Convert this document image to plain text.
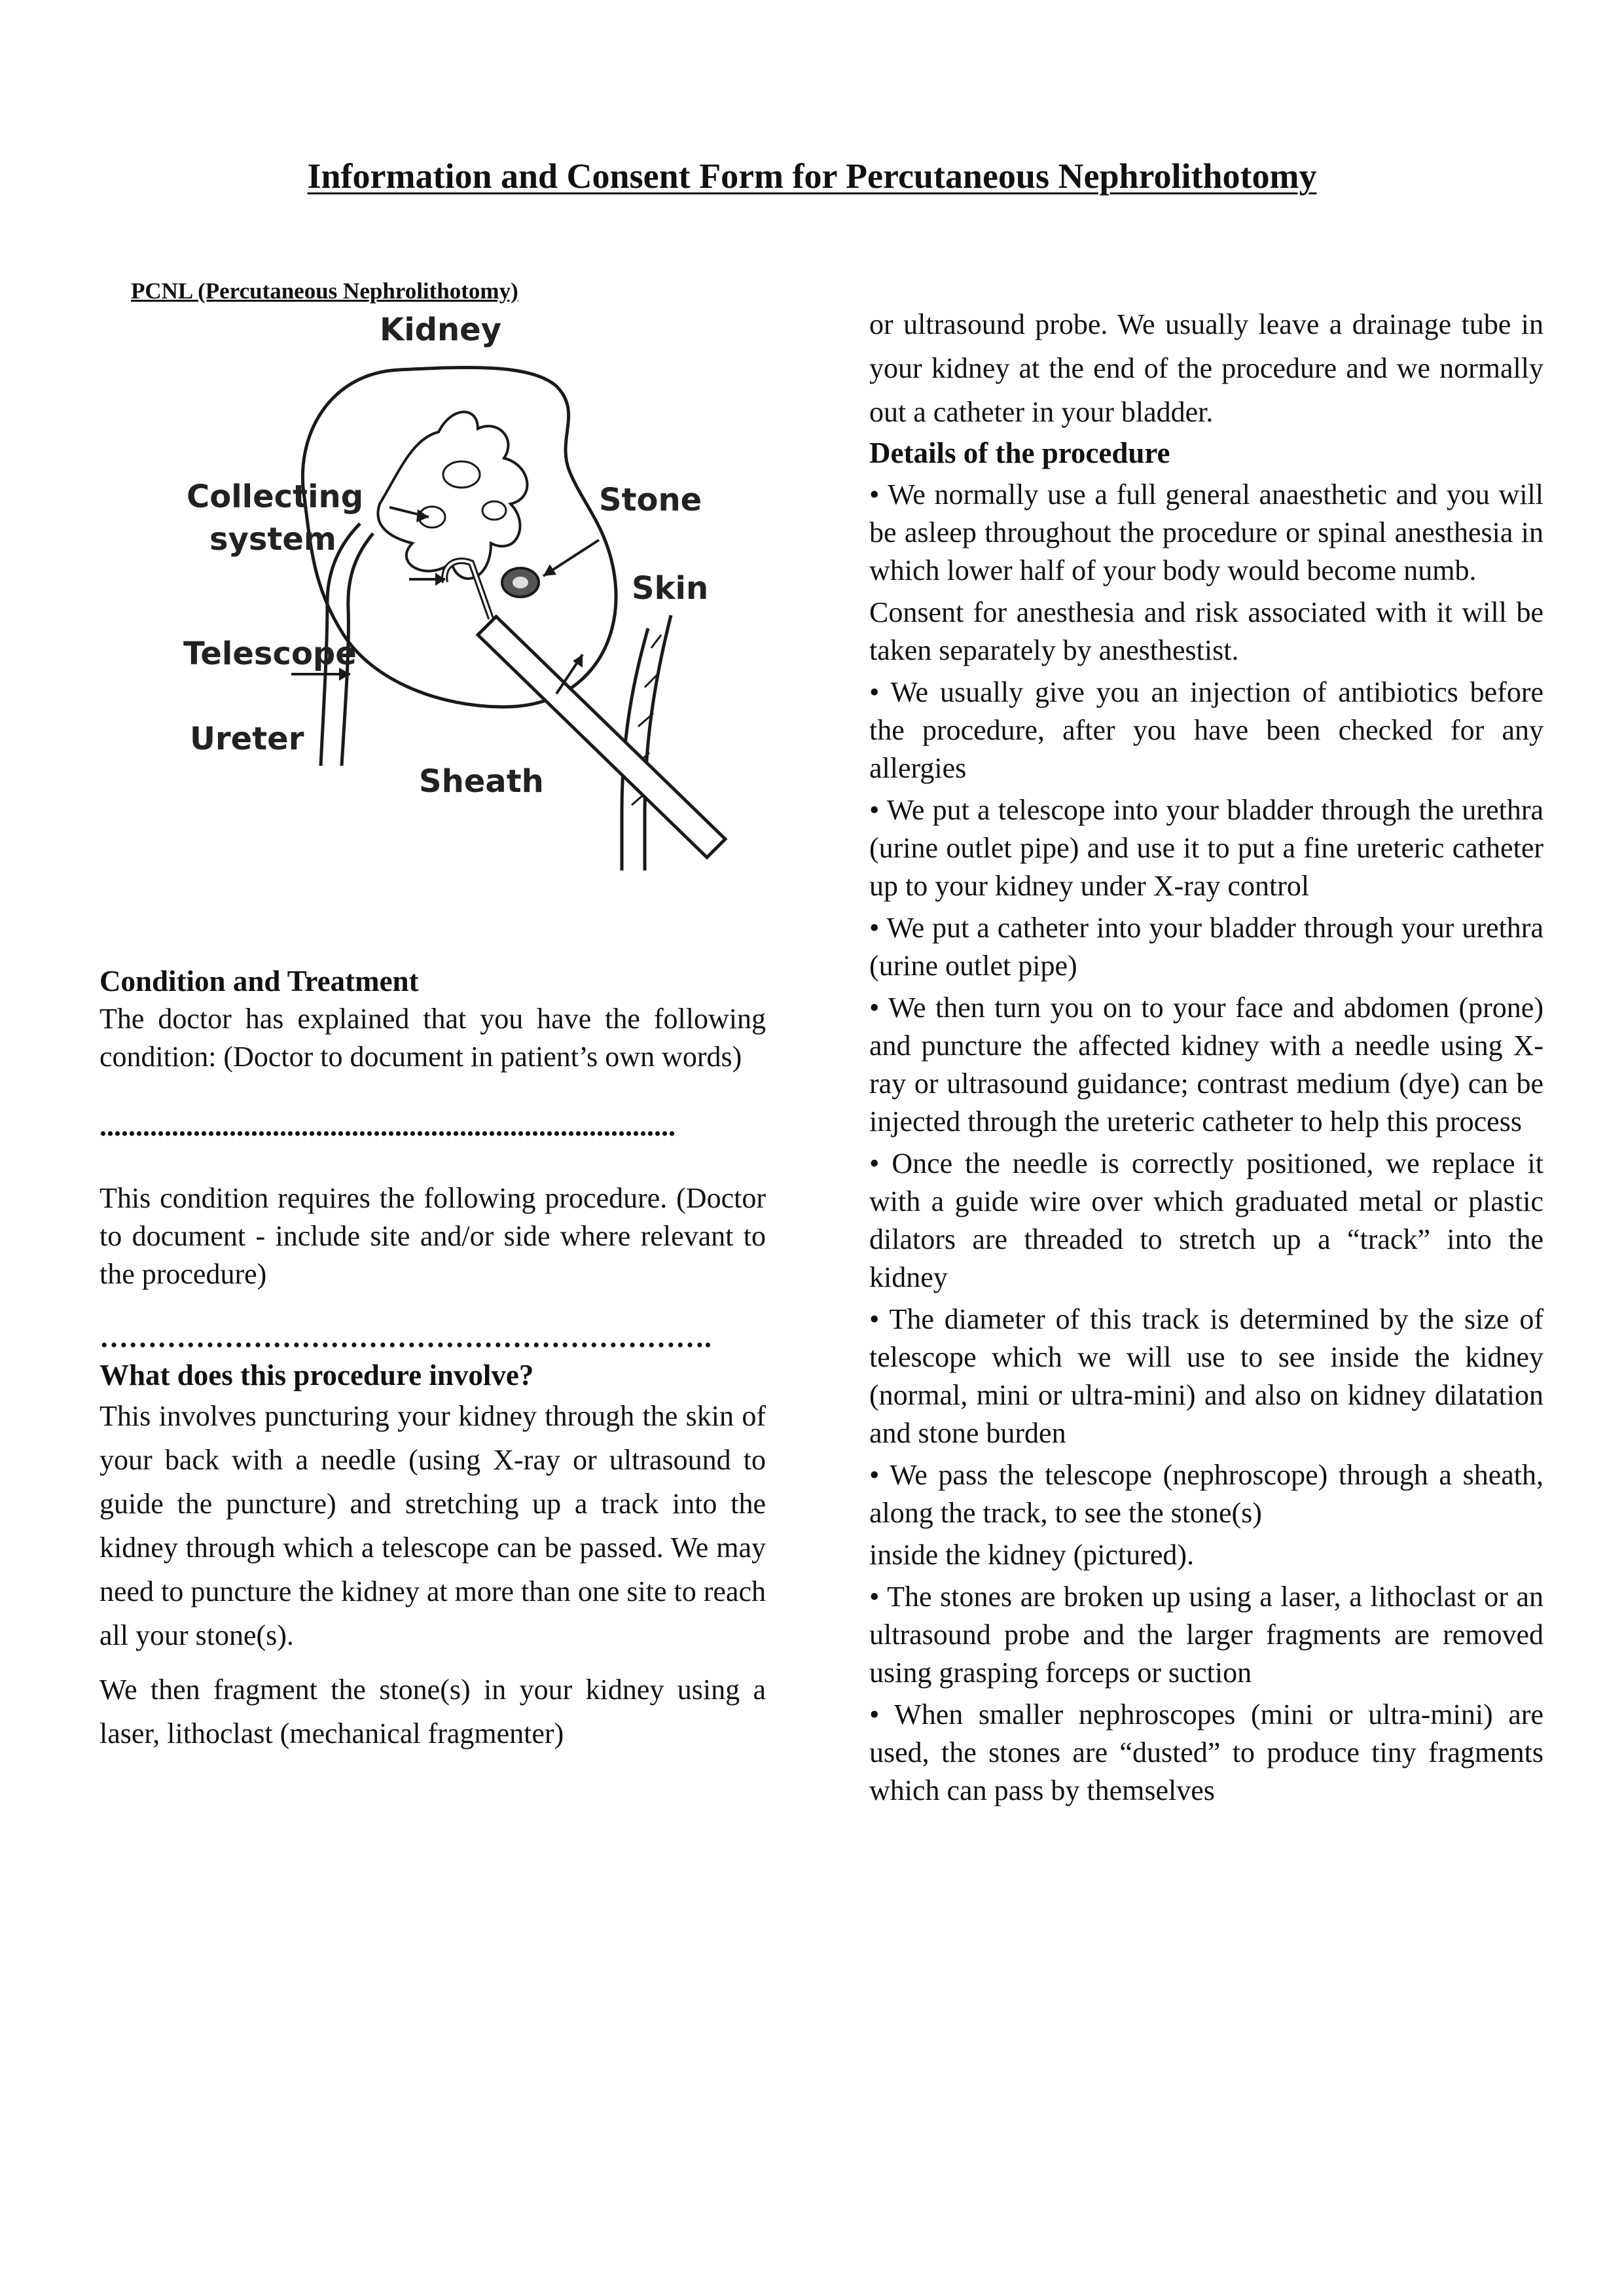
Information and Consent Form for Percutaneous Nephrolithotomy
PCNL (Percutaneous Nephrolithotomy)
Kidney
Collecting
system
Stone
Skin
Telescope
Ureter
Sheath

Condition and Treatment

The doctor has explained that you have the following condition: (Doctor to document in patient’s own words)

................................................................................

This condition requires the following procedure. (Doctor to document - include site and/or side where relevant to the procedure)

……………………………………………………….

What does this procedure involve?

This involves puncturing your kidney through the skin of your back with a needle (using X-ray or ultrasound to guide the puncture) and stretching up a track into the kidney through which a telescope can be passed. We may need to puncture the kidney at more than one site to reach all your stone(s).

We then fragment the stone(s) in your kidney using a laser, lithoclast (mechanical fragmenter)

or ultrasound probe. We usually leave a drainage tube in your kidney at the end of the procedure and we normally out a catheter in your bladder.

Details of the procedure

• We normally use a full general anaesthetic and you will be asleep throughout the procedure or spinal anesthesia in which lower half of your body would become numb.

Consent for anesthesia and risk associated with it will be taken separately by anesthestist.

• We usually give you an injection of antibiotics before the procedure, after you have been checked for any allergies

• We put a telescope into your bladder through the urethra (urine outlet pipe) and use it to put a fine ureteric catheter up to your kidney under X-ray control

• We put a catheter into your bladder through your urethra (urine outlet pipe)

• We then turn you on to your face and abdomen (prone) and puncture the affected kidney with a needle using X-ray or ultrasound guidance; contrast medium (dye) can be injected through the ureteric catheter to help this process

• Once the needle is correctly positioned, we replace it with a guide wire over which graduated metal or plastic dilators are threaded to stretch up a “track” into the kidney

• The diameter of this track is determined by the size of telescope which we will use to see inside the kidney (normal, mini or ultra-mini) and also on kidney dilatation and stone burden

• We pass the telescope (nephroscope) through a sheath, along the track, to see the stone(s)

inside the kidney (pictured).

• The stones are broken up using a laser, a lithoclast or an ultrasound probe and the larger fragments are removed using grasping forceps or suction

• When smaller nephroscopes (mini or ultra-mini) are used, the stones are “dusted” to produce tiny fragments which can pass by themselves
